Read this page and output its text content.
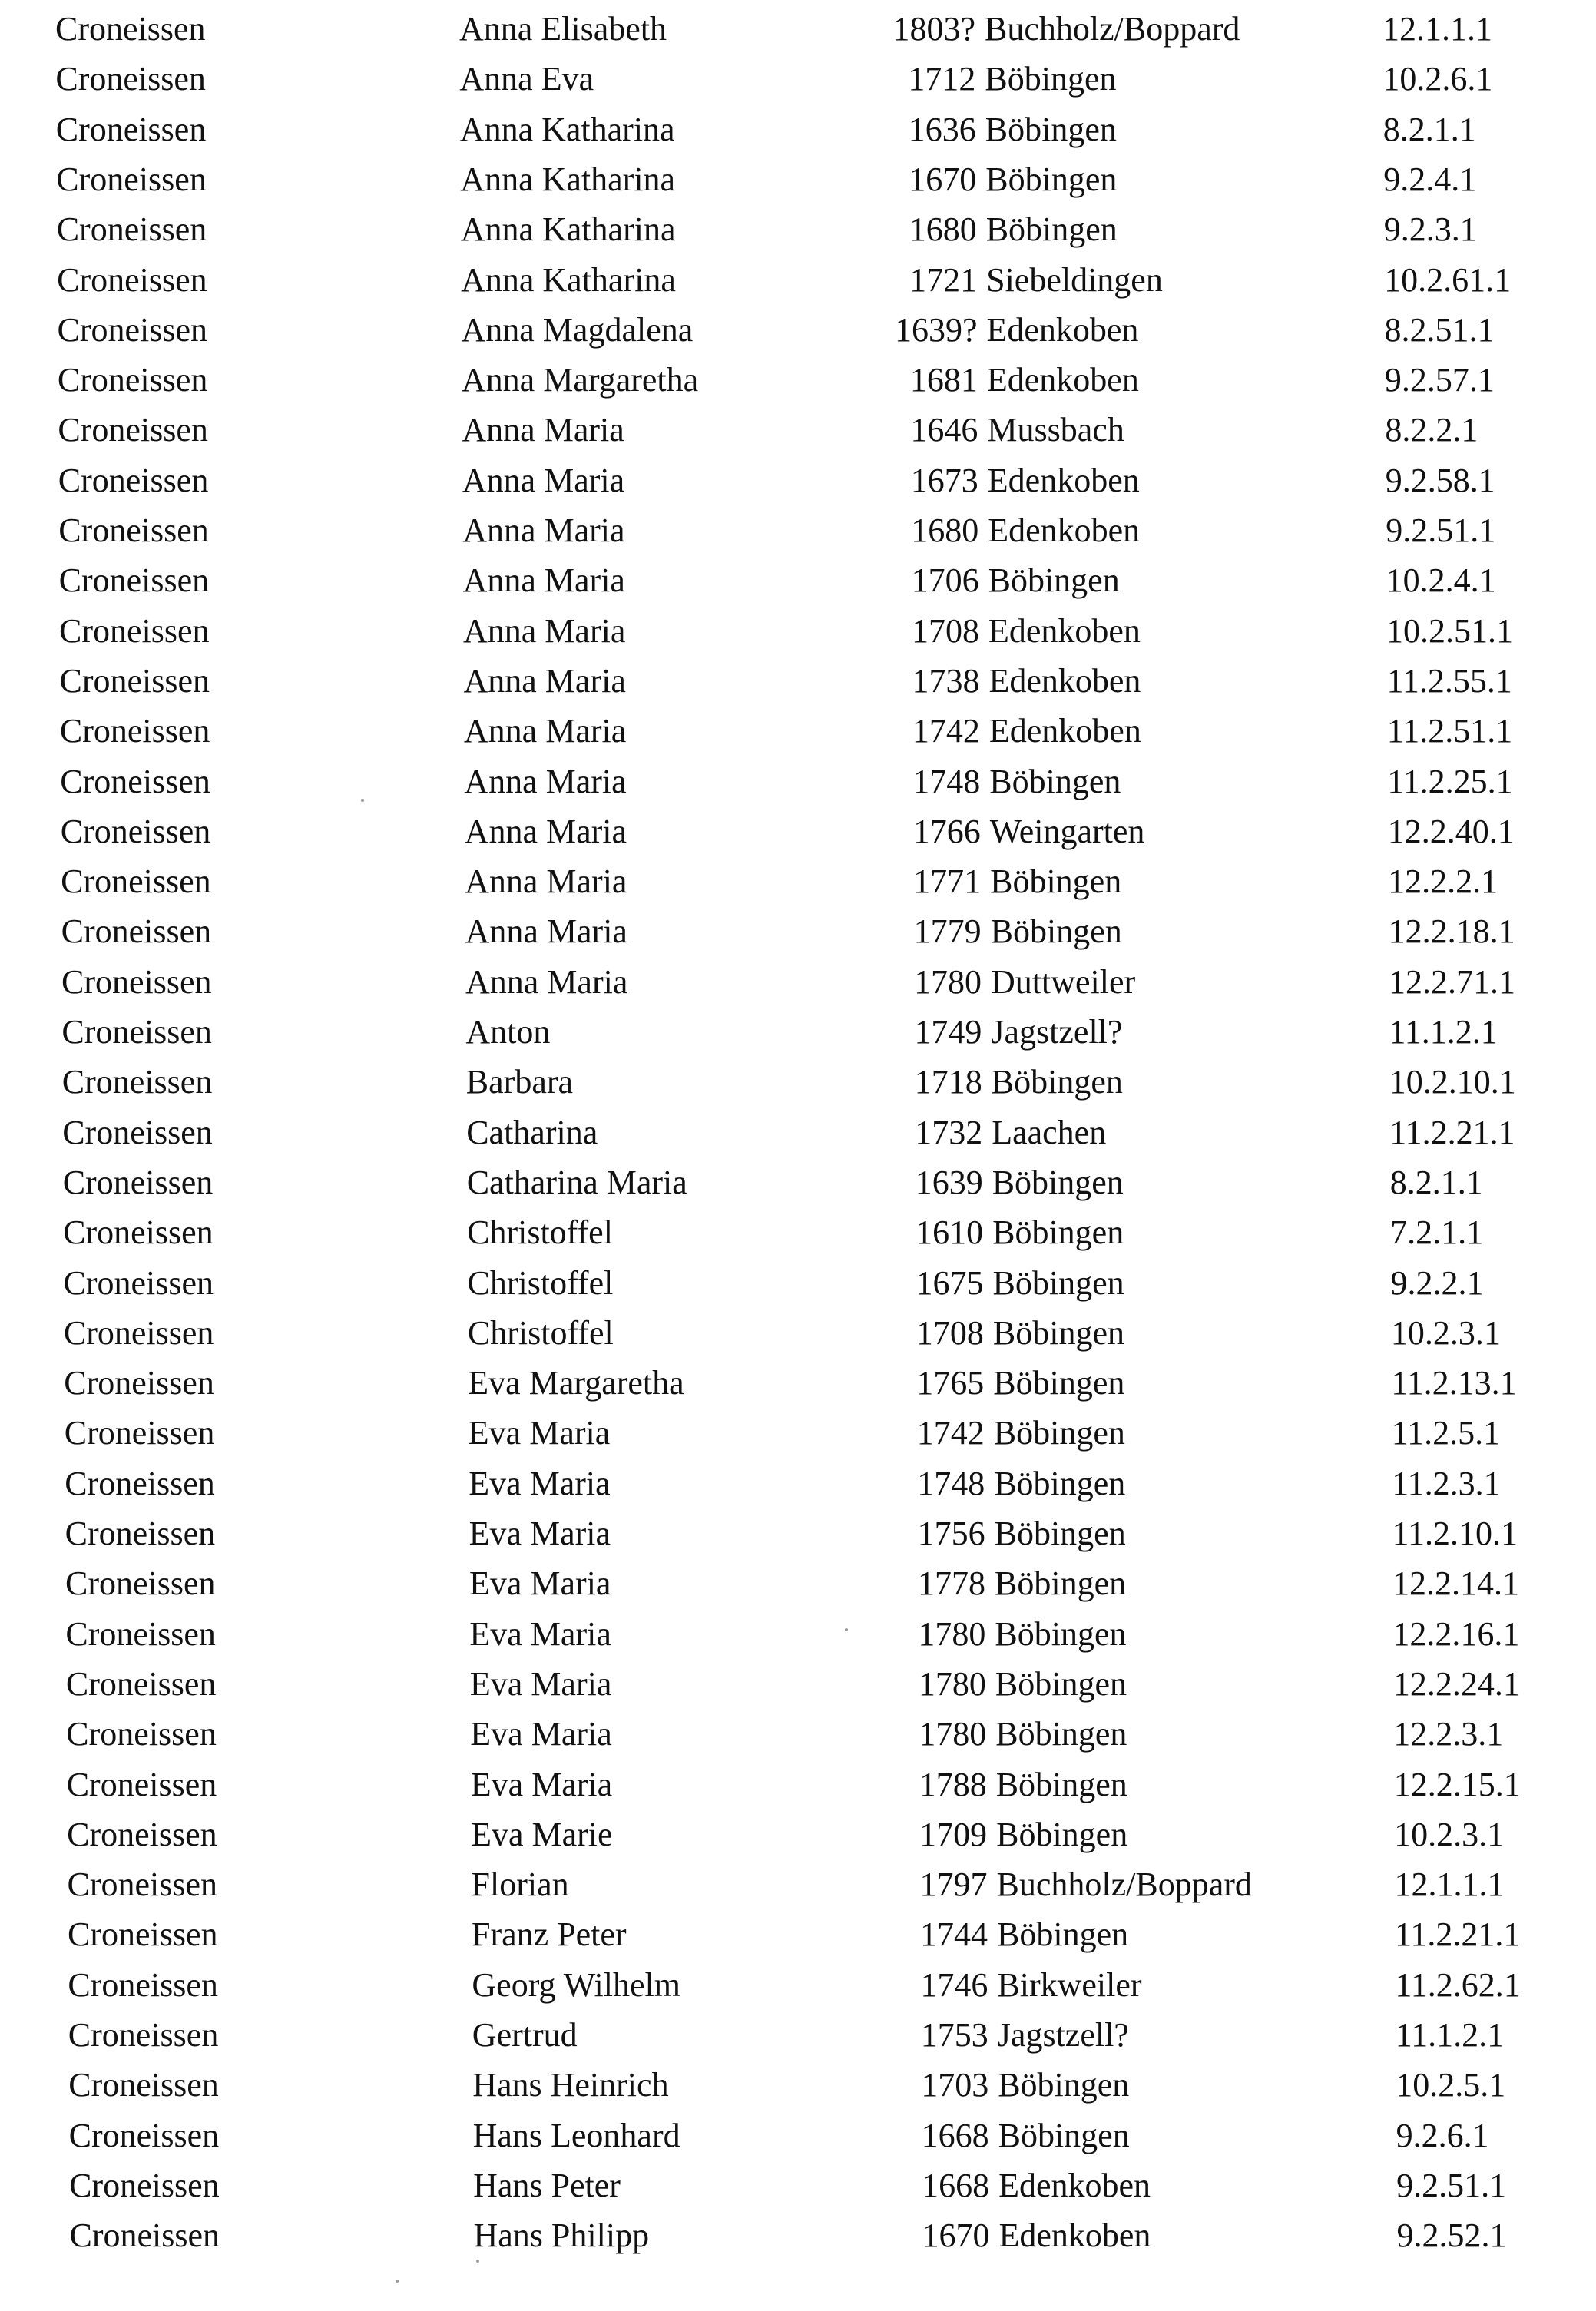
Croneissen	Anna Elisabeth	1803? Buchholz/Boppard	12.1.1.1
Croneissen	Anna Eva	1712 Böbingen	10.2.6.1
Croneissen	Anna Katharina	1636 Böbingen	8.2.1.1
Croneissen	Anna Katharina	1670 Böbingen	9.2.4.1
Croneissen	Anna Katharina	1680 Böbingen	9.2.3.1
Croneissen	Anna Katharina	1721 Siebeldingen	10.2.61.1
Croneissen	Anna Magdalena	1639? Edenkoben	8.2.51.1
Croneissen	Anna Margaretha	1681 Edenkoben	9.2.57.1
Croneissen	Anna Maria	1646 Mussbach	8.2.2.1
Croneissen	Anna Maria	1673 Edenkoben	9.2.58.1
Croneissen	Anna Maria	1680 Edenkoben	9.2.51.1
Croneissen	Anna Maria	1706 Böbingen	10.2.4.1
Croneissen	Anna Maria	1708 Edenkoben	10.2.51.1
Croneissen	Anna Maria	1738 Edenkoben	11.2.55.1
Croneissen	Anna Maria	1742 Edenkoben	11.2.51.1
Croneissen	Anna Maria	1748 Böbingen	11.2.25.1
Croneissen	Anna Maria	1766 Weingarten	12.2.40.1
Croneissen	Anna Maria	1771 Böbingen	12.2.2.1
Croneissen	Anna Maria	1779 Böbingen	12.2.18.1
Croneissen	Anna Maria	1780 Duttweiler	12.2.71.1
Croneissen	Anton	1749 Jagstzell?	11.1.2.1
Croneissen	Barbara	1718 Böbingen	10.2.10.1
Croneissen	Catharina	1732 Laachen	11.2.21.1
Croneissen	Catharina Maria	1639 Böbingen	8.2.1.1
Croneissen	Christoffel	1610 Böbingen	7.2.1.1
Croneissen	Christoffel	1675 Böbingen	9.2.2.1
Croneissen	Christoffel	1708 Böbingen	10.2.3.1
Croneissen	Eva Margaretha	1765 Böbingen	11.2.13.1
Croneissen	Eva Maria	1742 Böbingen	11.2.5.1
Croneissen	Eva Maria	1748 Böbingen	11.2.3.1
Croneissen	Eva Maria	1756 Böbingen	11.2.10.1
Croneissen	Eva Maria	1778 Böbingen	12.2.14.1
Croneissen	Eva Maria	1780 Böbingen	12.2.16.1
Croneissen	Eva Maria	1780 Böbingen	12.2.24.1
Croneissen	Eva Maria	1780 Böbingen	12.2.3.1
Croneissen	Eva Maria	1788 Böbingen	12.2.15.1
Croneissen	Eva Marie	1709 Böbingen	10.2.3.1
Croneissen	Florian	1797 Buchholz/Boppard	12.1.1.1
Croneissen	Franz Peter	1744 Böbingen	11.2.21.1
Croneissen	Georg Wilhelm	1746 Birkweiler	11.2.62.1
Croneissen	Gertrud	1753 Jagstzell?	11.1.2.1
Croneissen	Hans Heinrich	1703 Böbingen	10.2.5.1
Croneissen	Hans Leonhard	1668 Böbingen	9.2.6.1
Croneissen	Hans Peter	1668 Edenkoben	9.2.51.1
Croneissen	Hans Philipp	1670 Edenkoben	9.2.52.1
